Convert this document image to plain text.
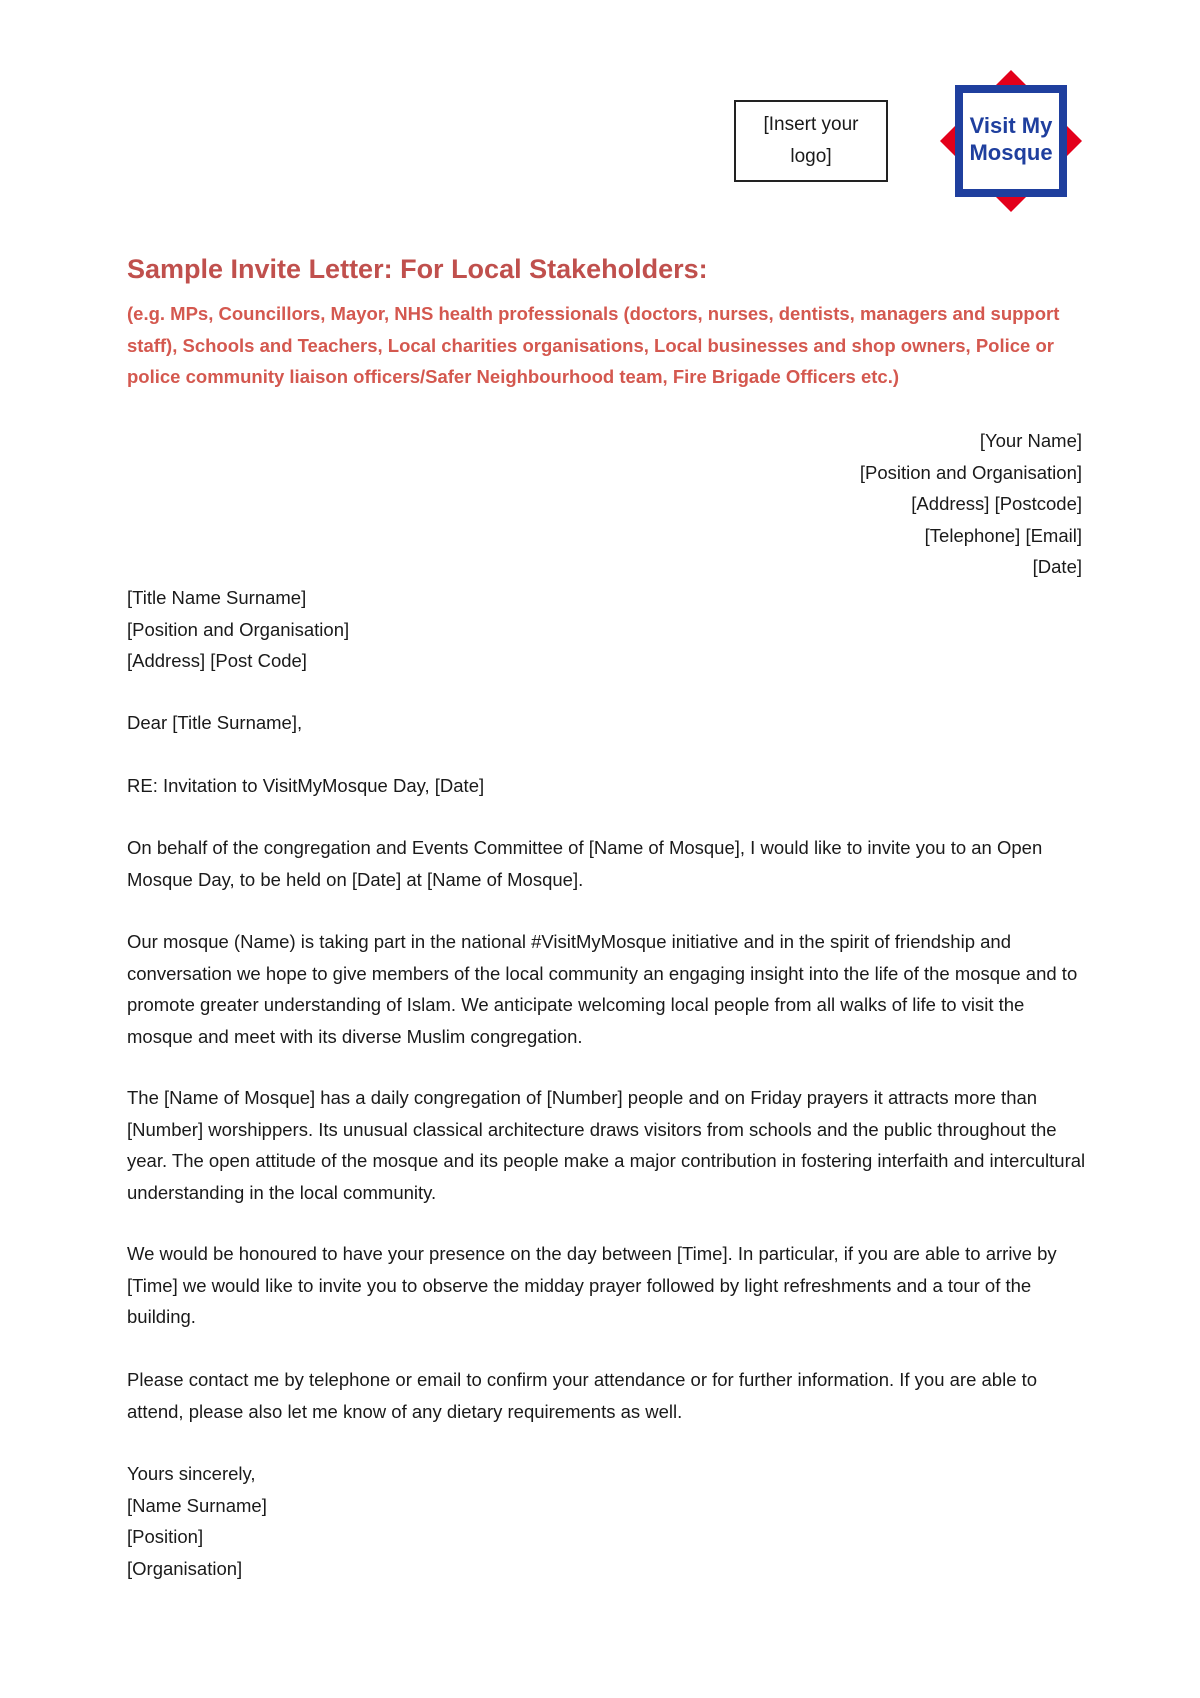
[Insert your logo]
Visit My
Mosque
Sample Invite Letter: For Local Stakeholders:

(e.g. MPs, Councillors, Mayor, NHS health professionals (doctors, nurses, dentists, managers and support staff), Schools and Teachers, Local charities organisations, Local businesses and shop owners, Police or police community liaison officers/Safer Neighbourhood team, Fire Brigade Officers etc.)

[Your Name]
[Position and Organisation]
[Address] [Postcode]
[Telephone] [Email]
[Date]
[Title Name Surname]
[Position and Organisation]
[Address] [Post Code]

Dear [Title Surname],

RE: Invitation to VisitMyMosque Day, [Date]

On behalf of the congregation and Events Committee of [Name of Mosque], I would like to invite you to an Open Mosque Day, to be held on [Date] at [Name of Mosque].

Our mosque (Name) is taking part in the national #VisitMyMosque initiative and in the spirit of friendship and conversation we hope to give members of the local community an engaging insight into the life of the mosque and to promote greater understanding of Islam. We anticipate welcoming local people from all walks of life to visit the mosque and meet with its diverse Muslim congregation.

The [Name of Mosque] has a daily congregation of [Number] people and on Friday prayers it attracts more than [Number] worshippers. Its unusual classical architecture draws visitors from schools and the public throughout the year. The open attitude of the mosque and its people make a major contribution in fostering interfaith and intercultural understanding in the local community.

We would be honoured to have your presence on the day between [Time]. In particular, if you are able to arrive by [Time] we would like to invite you to observe the midday prayer followed by light refreshments and a tour of the building.

Please contact me by telephone or email to confirm your attendance or for further information. If you are able to attend, please also let me know of any dietary requirements as well.

Yours sincerely,
[Name Surname]
[Position]
[Organisation]
